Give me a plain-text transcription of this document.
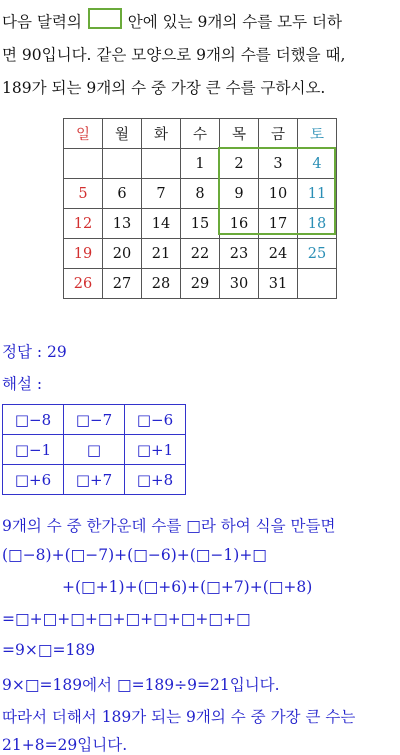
다음 달력의	안에 있는 9개의 수를 모두 더하

면 90입니다. 같은 모양으로 9개의 수를 더했을 때,

189가 되는 9개의 수 중 가장 큰 수를 구하시오.

일	월	화	수	목	금	토
			1	2	3	4
5	6	7	8	9	10	11
12	13	14	15	16	17	18
19	20	21	22	23	24	25
26	27	28	29	30	31	
정답 : 29
해설 :
□−8	□−7	□−6
□−1	□	□+1
□+6	□+7	□+8
9개의 수 중 한가운데 수를 □라 하여 식을 만들면
(□−8)+(□−7)+(□−6)+(□−1)+□
+(□+1)+(□+6)+(□+7)+(□+8)
=□+□+□+□+□+□+□+□+□
=9×□=189
9×□=189에서 □=189÷9=21입니다.
따라서 더해서 189가 되는 9개의 수 중 가장 큰 수는
21+8=29입니다.
